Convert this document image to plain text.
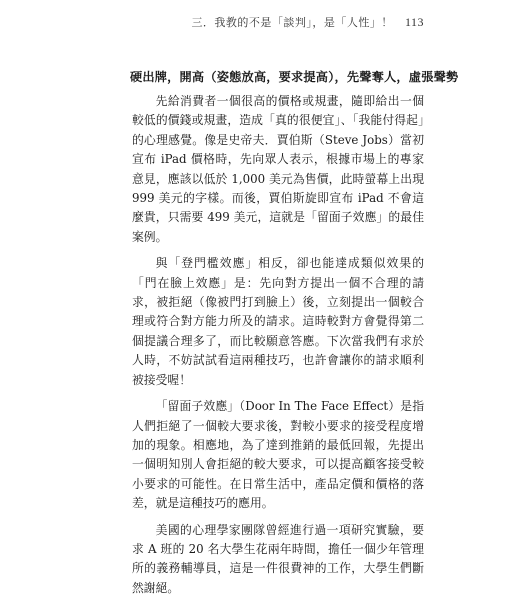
三．我教的不是「談判」，是「人性」！ 113
硬出牌，開高（姿態放高，要求提高），先聲奪人，虛張聲勢

先給消費者一個很高的價格或規畫，隨即給出一個較低的價錢或規畫，造成「真的很便宜」、「我能付得起」的心理感覺。像是史帝夫．賈伯斯（Steve Jobs）當初宣布 iPad 價格時，先向眾人表示，根據市場上的專家意見，應該以低於 1,000 美元為售價，此時螢幕上出現 999 美元的字樣。而後，賈伯斯旋即宣布 iPad 不會這麼貴，只需要 499 美元，這就是「留面子效應」的最佳案例。

與「登門檻效應」相反，卻也能達成類似效果的「門在臉上效應」是：先向對方提出一個不合理的請求，被拒絕（像被門打到臉上）後，立刻提出一個較合理或符合對方能力所及的請求。這時較對方會覺得第二個提議合理多了，而比較願意答應。下次當我們有求於人時，不妨試試看這兩種技巧，也許會讓你的請求順利被接受喔！

「留面子效應」（Door In The Face Effect）是指人們拒絕了一個較大要求後，對較小要求的接受程度增加的現象。相應地，為了達到推銷的最低回報，先提出一個明知別人會拒絕的較大要求，可以提高顧客接受較小要求的可能性。在日常生活中，產品定價和價格的落差，就是這種技巧的應用。

美國的心理學家團隊曾經進行過一項研究實驗，要求 A 班的 20 名大學生花兩年時間，擔任一個少年管理所的義務輔導員，這是一件很費神的工作，大學生們斷然謝絕。
